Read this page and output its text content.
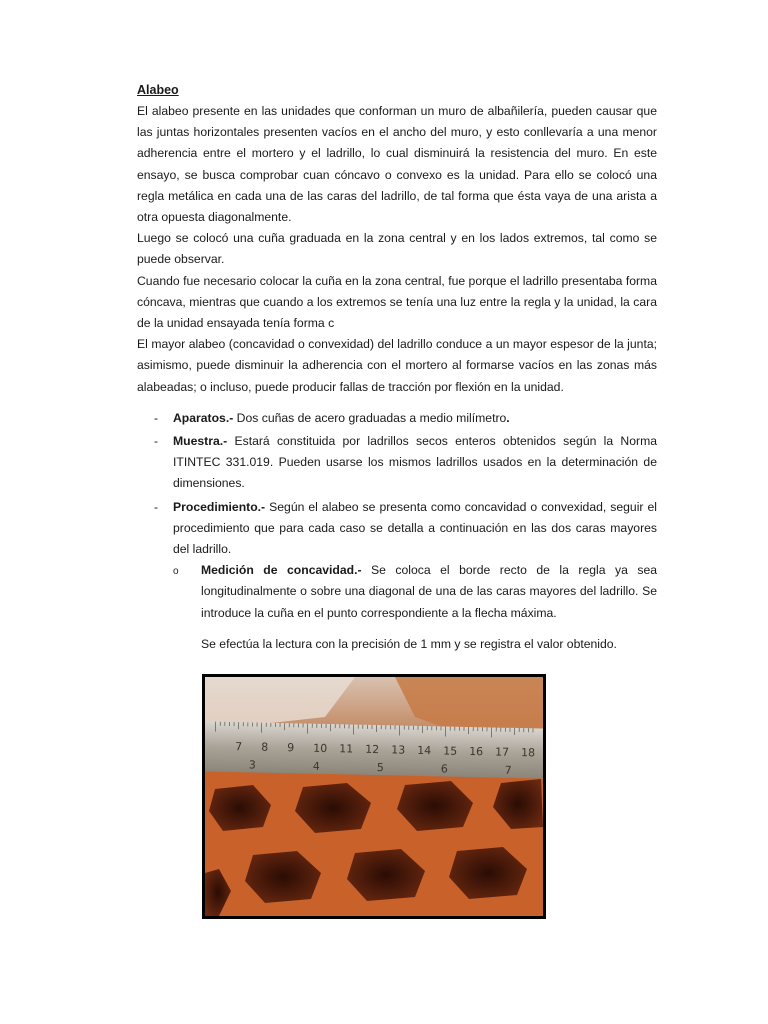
Alabeo

El alabeo presente en las unidades que conforman un muro de albañilería, pueden causar que las juntas horizontales presenten vacíos en el ancho del muro, y esto conllevaría a una menor adherencia entre el mortero y el ladrillo, lo cual disminuirá la resistencia del muro. En este ensayo, se busca comprobar cuan cóncavo o convexo es la unidad. Para ello se colocó una regla metálica en cada una de las caras del ladrillo, de tal forma que ésta vaya de una arista a otra opuesta diagonalmente.

Luego se colocó una cuña graduada en la zona central y en los lados extremos, tal como se puede observar.

Cuando fue necesario colocar la cuña en la zona central, fue porque el ladrillo presentaba forma cóncava, mientras que cuando a los extremos se tenía una luz entre la regla y la unidad, la cara de la unidad ensayada tenía forma c

El mayor alabeo (concavidad o convexidad) del ladrillo conduce a un mayor espesor de la junta; asimismo, puede disminuir la adherencia con el mortero al formarse vacíos en las zonas más alabeadas; o incluso, puede producir fallas de tracción por flexión en la unidad.

- Aparatos.- Dos cuñas de acero graduadas a medio milímetro.
- Muestra.- Estará constituida por ladrillos secos enteros obtenidos según la Norma ITINTEC 331.019. Pueden usarse los mismos ladrillos usados en la determinación de dimensiones.
- Procedimiento.- Según el alabeo se presenta como concavidad o convexidad, seguir el procedimiento que para cada caso se detalla a continuación en las dos caras mayores del ladrillo.
o Medición de concavidad.- Se coloca el borde recto de la regla ya sea longitudinalmente o sobre una diagonal de una de las caras mayores del ladrillo. Se introduce la cuña en el punto correspondiente a la flecha máxima.

Se efectúa la lectura con la precisión de 1 mm y se registra el valor obtenido.

7 8 9 10 11 12 13 14 15 16 17 18
3	4	5	6	7
